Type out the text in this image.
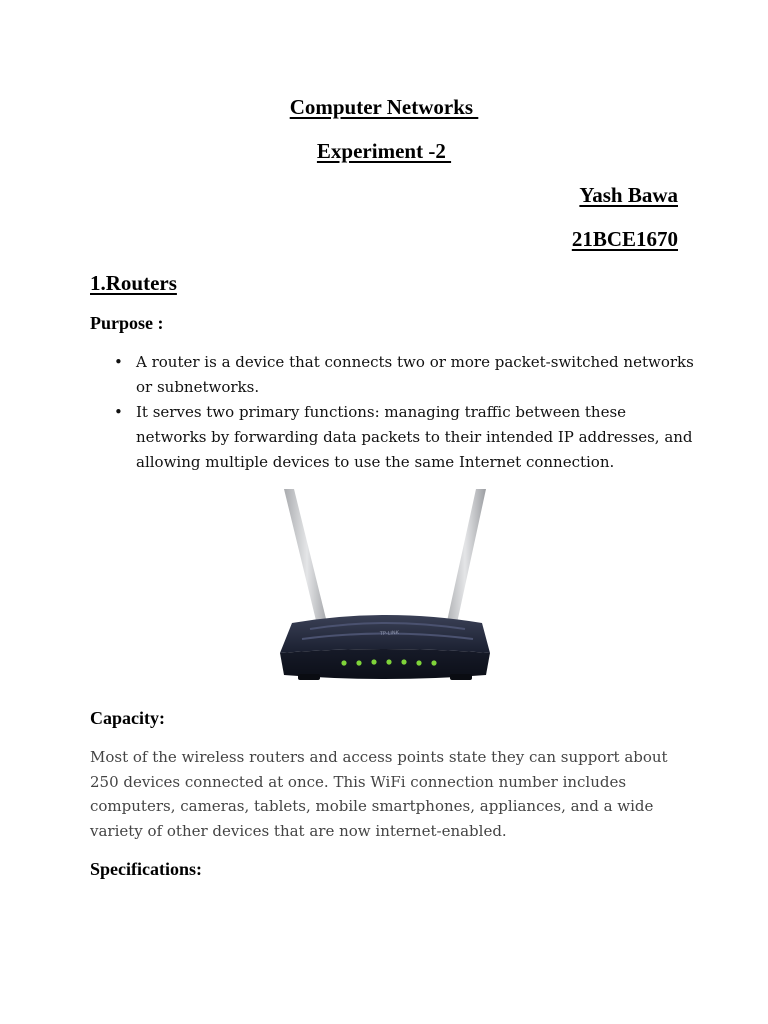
Computer Networks
Experiment -2
Yash Bawa
21BCE1670
1.Routers
Purpose :
• A router is a device that connects two or more packet-switched networks or subnetworks.
• It serves two primary functions: managing traffic between these networks by forwarding data packets to their intended IP addresses, and allowing multiple devices to use the same Internet connection.
TP-LINK
Capacity:

Most of the wireless routers and access points state they can support about 250 devices connected at once. This WiFi connection number includes computers, cameras, tablets, mobile smartphones, appliances, and a wide variety of other devices that are now internet-enabled.

Specifications:
